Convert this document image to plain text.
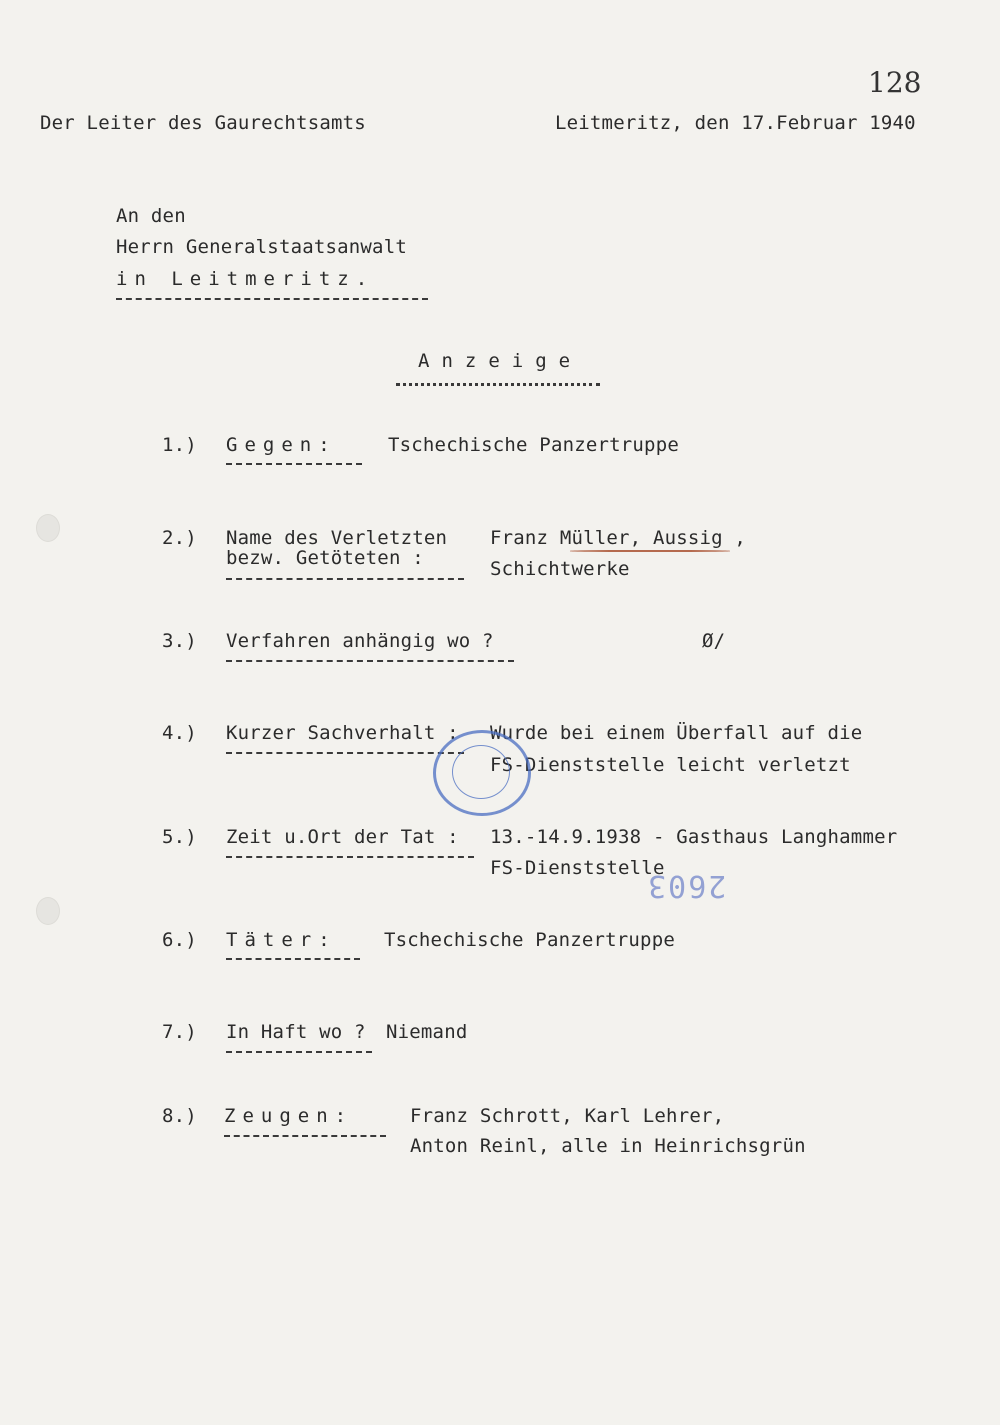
128
Der Leiter des Gaurechtsamts	Leitmeritz, den 17.Februar 1940
An den
Herrn Generalstaatsanwalt
in Leitmeritz.
Anzeige
1.) Gegen:	Tschechische Panzertruppe
2.) Name des Verletzten
bezw. Getöteten :
Franz Müller, Aussig ,
Schichtwerke
3.) Verfahren anhängig wo ?	Ø/
4.) Kurzer Sachverhalt : Wurde bei einem Überfall auf die
FS-Dienststelle leicht verletzt
5.) Zeit u.Ort der Tat : 13.-14.9.1938 - Gasthaus Langhammer
FS-Dienststelle
2603
6.) Täter: Tschechische Panzertruppe
7.) In Haft wo ? Niemand
8.) Zeugen:	Franz Schrott, Karl Lehrer,
Anton Reinl, alle in Heinrichsgrün
